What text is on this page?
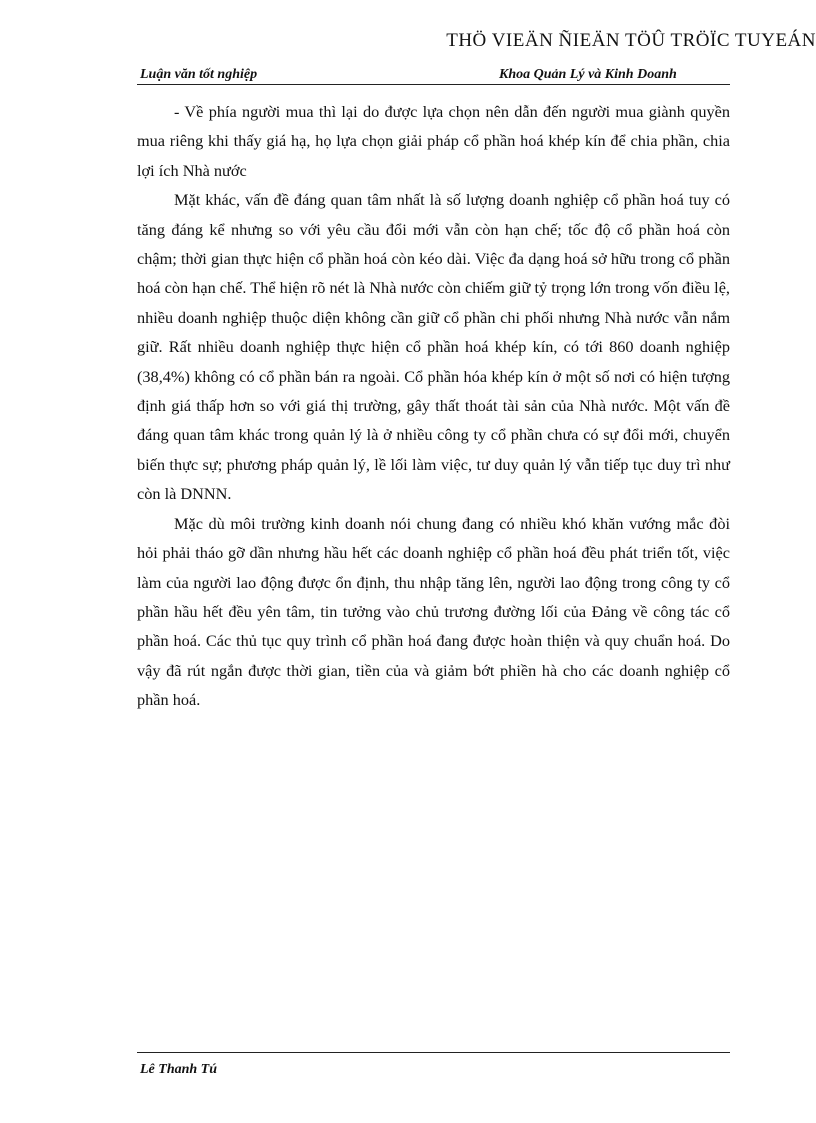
THÖ VIEÄN ÑIEÄN TÖÛ TRÖÏC TUYEÁN
Luận văn tốt nghiệp	Khoa Quản Lý và Kinh Doanh

- Về phía người mua thì lại do được lựa chọn nên dẫn đến người mua giành quyền mua riêng khi thấy giá hạ, họ lựa chọn giải pháp cổ phần hoá khép kín để chia phần, chia lợi ích Nhà nước

Mặt khác, vấn đề đáng quan tâm nhất là số lượng doanh nghiệp cổ phần hoá tuy có tăng đáng kể nhưng so với yêu cầu đổi mới vẫn còn hạn chế; tốc độ cổ phần hoá còn chậm; thời gian thực hiện cổ phần hoá còn kéo dài. Việc đa dạng hoá sở hữu trong cổ phần hoá còn hạn chế. Thể hiện rõ nét là Nhà nước còn chiếm giữ tỷ trọng lớn trong vốn điều lệ, nhiều doanh nghiệp thuộc diện không cần giữ cổ phần chi phối nhưng Nhà nước vẫn nắm giữ. Rất nhiều doanh nghiệp thực hiện cổ phần hoá khép kín, có tới 860 doanh nghiệp (38,4%) không có cổ phần bán ra ngoài. Cổ phần hóa khép kín ở một số nơi có hiện tượng định giá thấp hơn so với giá thị trường, gây thất thoát tài sản của Nhà nước. Một vấn đề đáng quan tâm khác trong quản lý là ở nhiều công ty cổ phần chưa có sự đổi mới, chuyển biến thực sự; phương pháp quản lý, lề lối làm việc, tư duy quản lý vẫn tiếp tục duy trì như còn là DNNN.

Mặc dù môi trường kinh doanh nói chung đang có nhiều khó khăn vướng mắc đòi hỏi phải tháo gỡ dần nhưng hầu hết các doanh nghiệp cổ phần hoá đều phát triển tốt, việc làm của người lao động được ổn định, thu nhập tăng lên, người lao động trong công ty cổ phần hầu hết đều yên tâm, tin tưởng vào chủ trương đường lối của Đảng về công tác cổ phần hoá. Các thủ tục quy trình cổ phần hoá đang được hoàn thiện và quy chuẩn hoá. Do vậy đã rút ngắn được thời gian, tiền của và giảm bớt phiền hà cho các doanh nghiệp cổ phần hoá.

Lê Thanh Tú
